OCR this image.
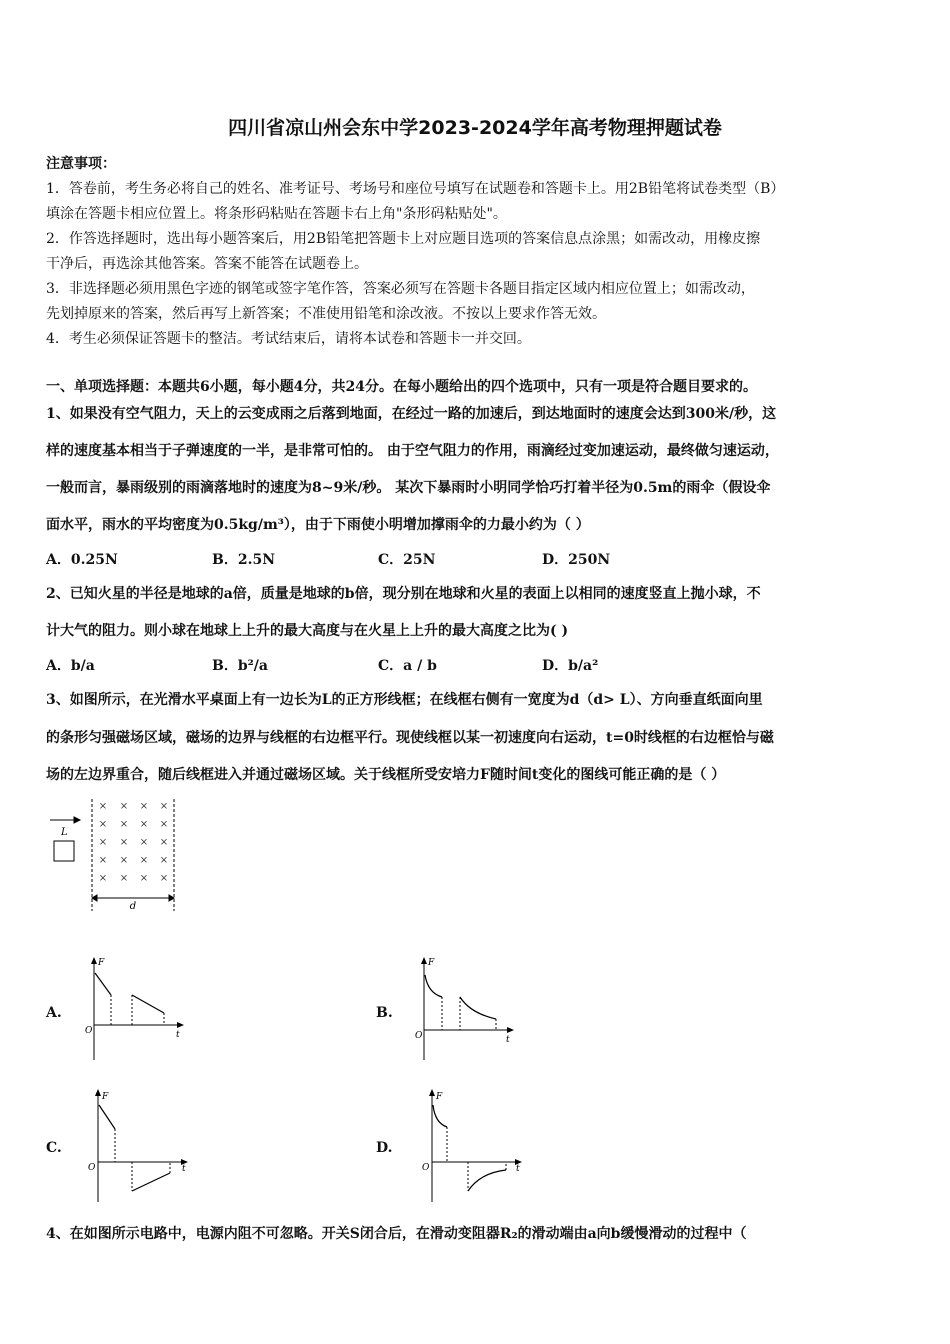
四川省凉山州会东中学2023-2024学年高考物理押题试卷
注意事项：
1．答卷前，考生务必将自己的姓名、准考证号、考场号和座位号填写在试题卷和答题卡上。用2B铅笔将试卷类型（B）
填涂在答题卡相应位置上。将条形码粘贴在答题卡右上角"条形码粘贴处"。
2．作答选择题时，选出每小题答案后，用2B铅笔把答题卡上对应题目选项的答案信息点涂黑；如需改动，用橡皮擦
干净后，再选涂其他答案。答案不能答在试题卷上。
3．非选择题必须用黑色字迹的钢笔或签字笔作答，答案必须写在答题卡各题目指定区域内相应位置上；如需改动，
先划掉原来的答案，然后再写上新答案；不准使用铅笔和涂改液。不按以上要求作答无效。
4．考生必须保证答题卡的整洁。考试结束后，请将本试卷和答题卡一并交回。
一、单项选择题：本题共6小题，每小题4分，共24分。在每小题给出的四个选项中，只有一项是符合题目要求的。
1、如果没有空气阻力，天上的云变成雨之后落到地面，在经过一路的加速后，到达地面时的速度会达到300米/秒，这
样的速度基本相当于子弹速度的一半，是非常可怕的。 由于空气阻力的作用，雨滴经过变加速运动，最终做匀速运动，
一般而言，暴雨级别的雨滴落地时的速度为8~9米/秒。 某次下暴雨时小明同学恰巧打着半径为0.5m的雨伞（假设伞
面水平，雨水的平均密度为0.5kg/m³），由于下雨使小明增加撑雨伞的力最小约为（ ）
A．0.25N	B．2.5N	C．25N	D．250N
2、已知火星的半径是地球的a倍，质量是地球的b倍，现分别在地球和火星的表面上以相同的速度竖直上抛小球，不
计大气的阻力。则小球在地球上上升的最大高度与在火星上上升的最大高度之比为( )
A．b/a	B．b²/a	C．a / b	D．b/a²
3、如图所示，在光滑水平桌面上有一边长为L的正方形线框；在线框右侧有一宽度为d（d> L）、方向垂直纸面向里
的条形匀强磁场区域，磁场的边界与线框的右边框平行。现使线框以某一初速度向右运动，t=0时线框的右边框恰与磁
场的左边界重合，随后线框进入并通过磁场区域。关于线框所受安培力F随时间t变化的图线可能正确的是（ ）
L
× × × ×
× × × ×
× × × ×
× × × ×
× × × ×
d
A.
F
t
O
B.
F
t
O
C.
F
t
O
D.
F
t
O
4、在如图所示电路中，电源内阻不可忽略。开关S闭合后，在滑动变阻器R₂的滑动端由a向b缓慢滑动的过程中（
